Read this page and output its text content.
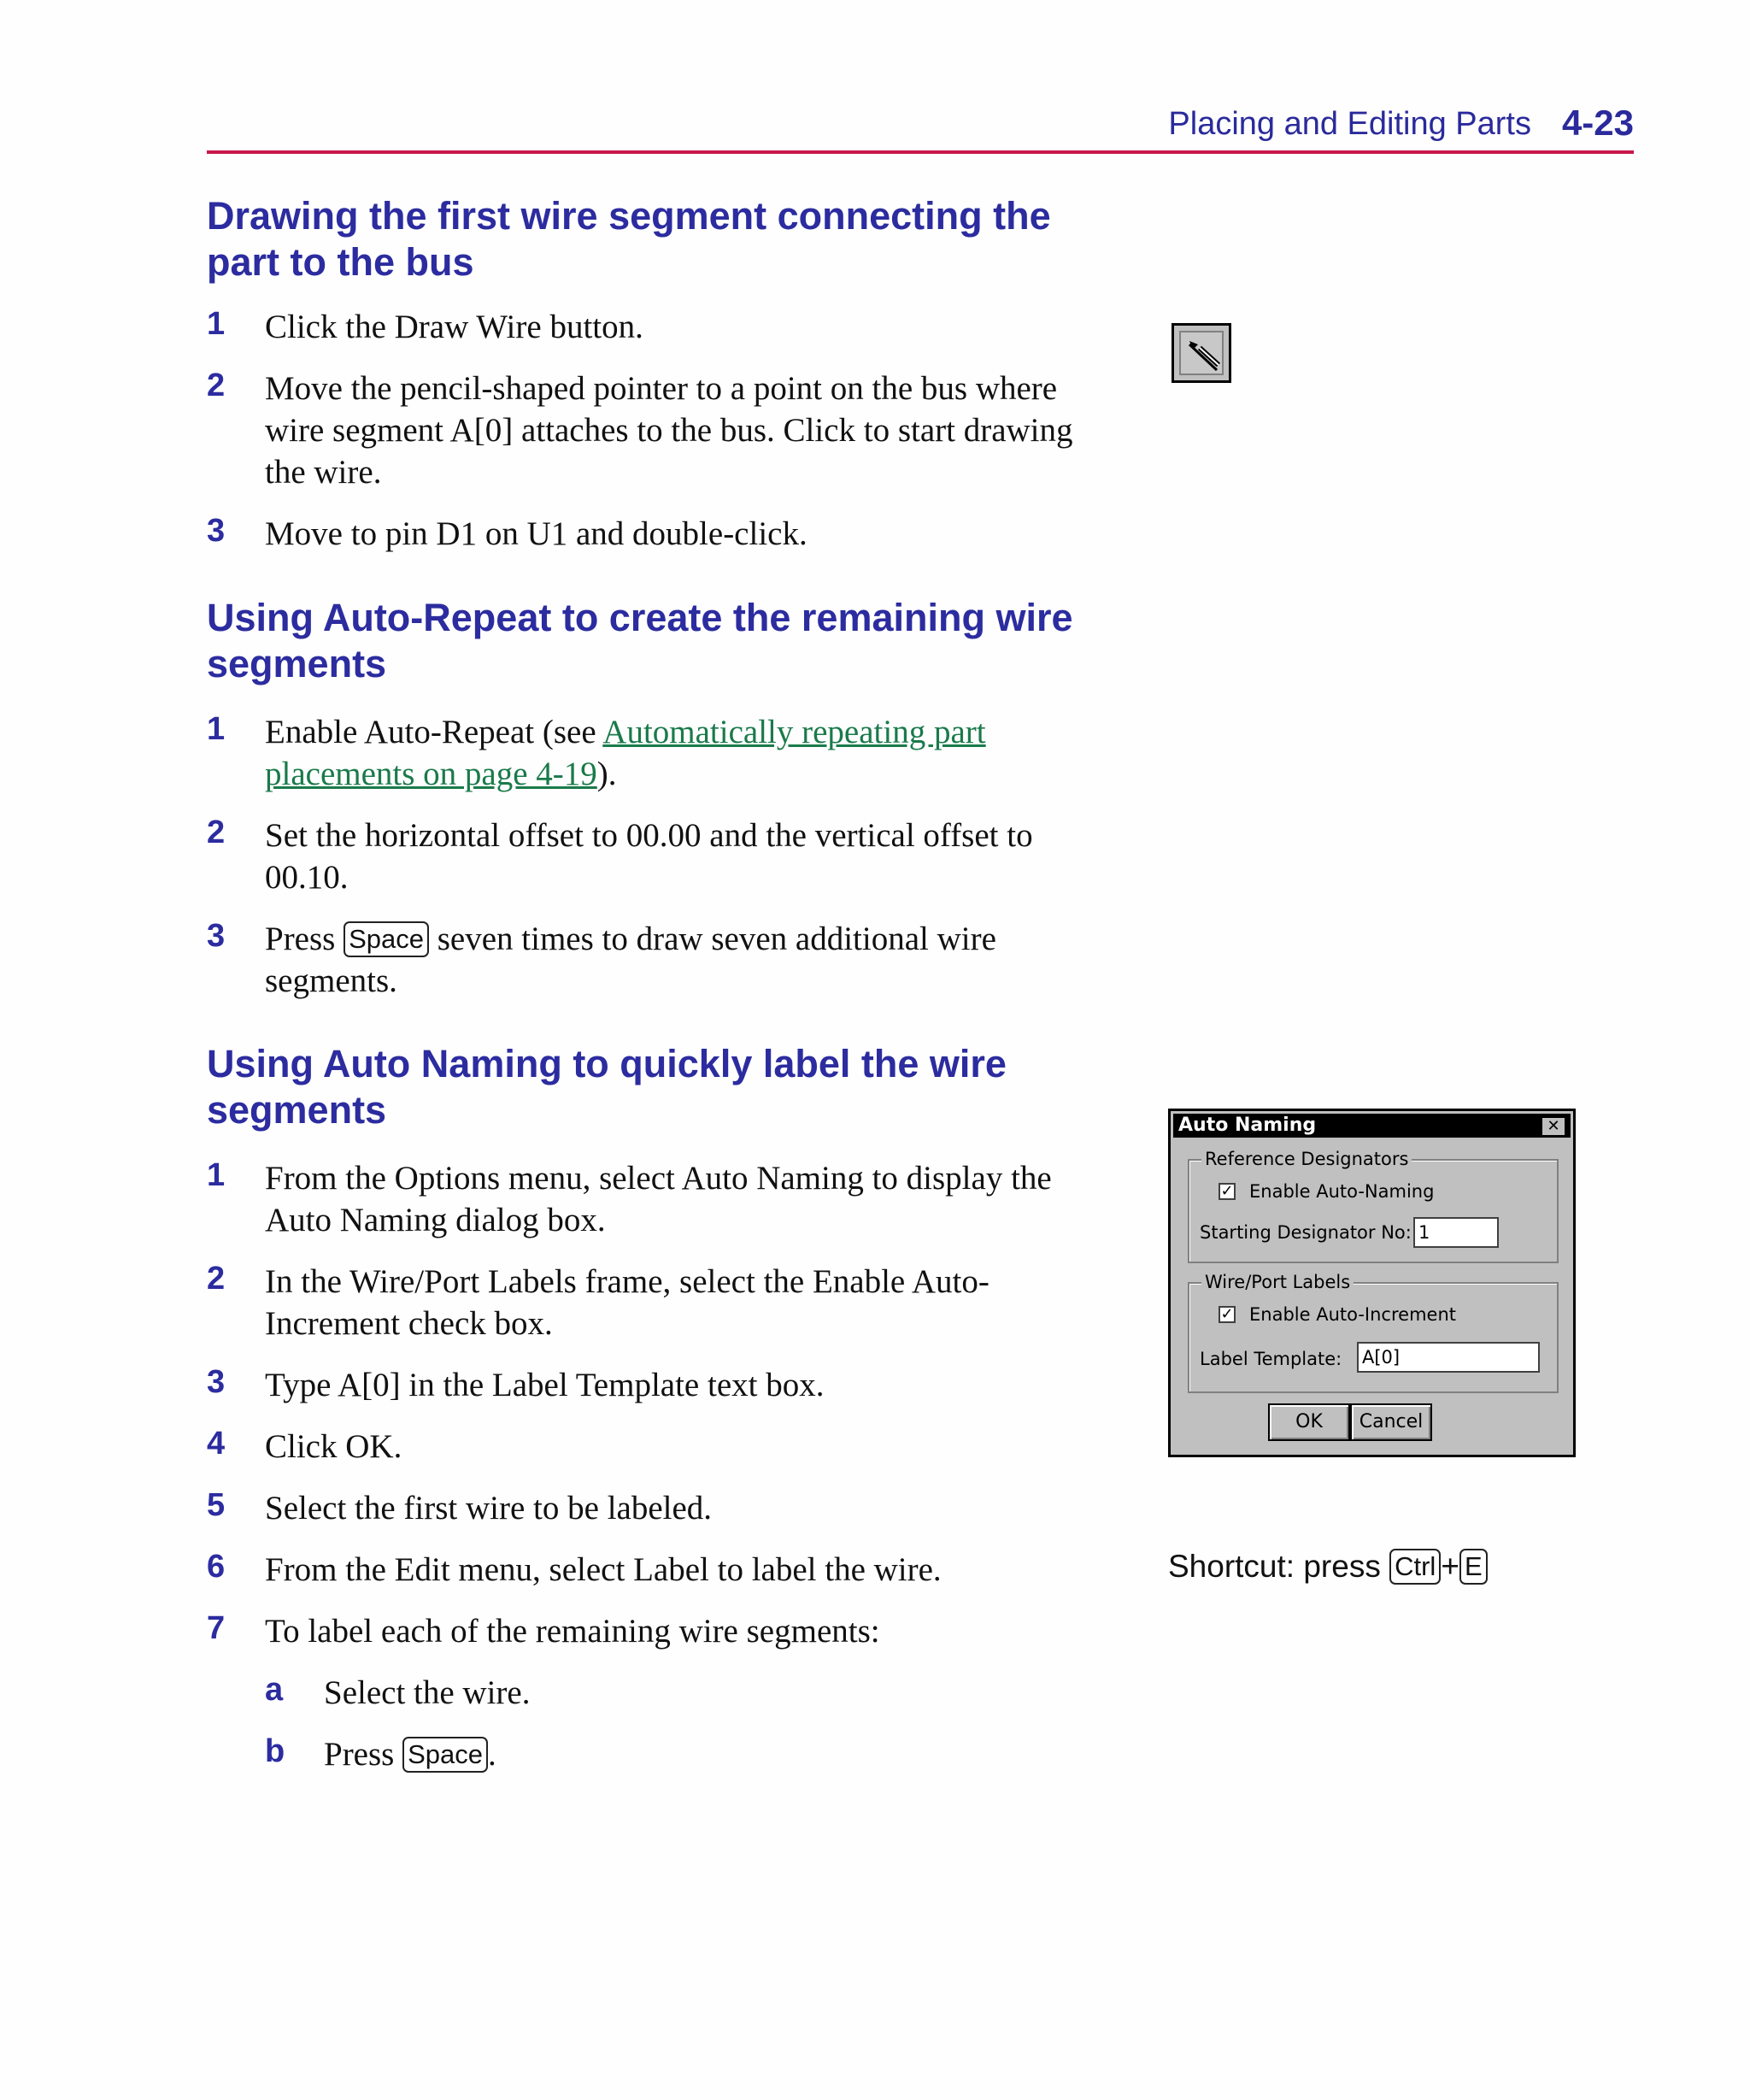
Placing and Editing Parts 4-23
Drawing the first wire segment connecting the
part to the bus
1 Click the Draw Wire button.
2 Move the pencil-shaped pointer to a point on the bus where
wire segment A[0] attaches to the bus. Click to start drawing
the wire.
3 Move to pin D1 on U1 and double-click.
Using Auto-Repeat to create the remaining wire
segments
1 Enable Auto-Repeat (see Automatically repeating part
placements on page 4-19).
2 Set the horizontal offset to 00.00 and the vertical offset to
00.10.
3 Press Space seven times to draw seven additional wire
segments.
Using Auto Naming to quickly label the wire
segments
1 From the Options menu, select Auto Naming to display the
Auto Naming dialog box.
2 In the Wire/Port Labels frame, select the Enable Auto-
Increment check box.
3 Type A[0] in the Label Template text box.
4 Click OK.
5 Select the first wire to be labeled.
6 From the Edit menu, select Label to label the wire.
7 To label each of the remaining wire segments:
a Select the wire.
b Press Space .
Auto Naming	✕
Reference Designators
✓ Enable Auto-Naming
Starting Designator No: 1
Wire/Port Labels
✓ Enable Auto-Increment
Label Template: A[0]
OK	Cancel
Shortcut: press Ctrl + E
